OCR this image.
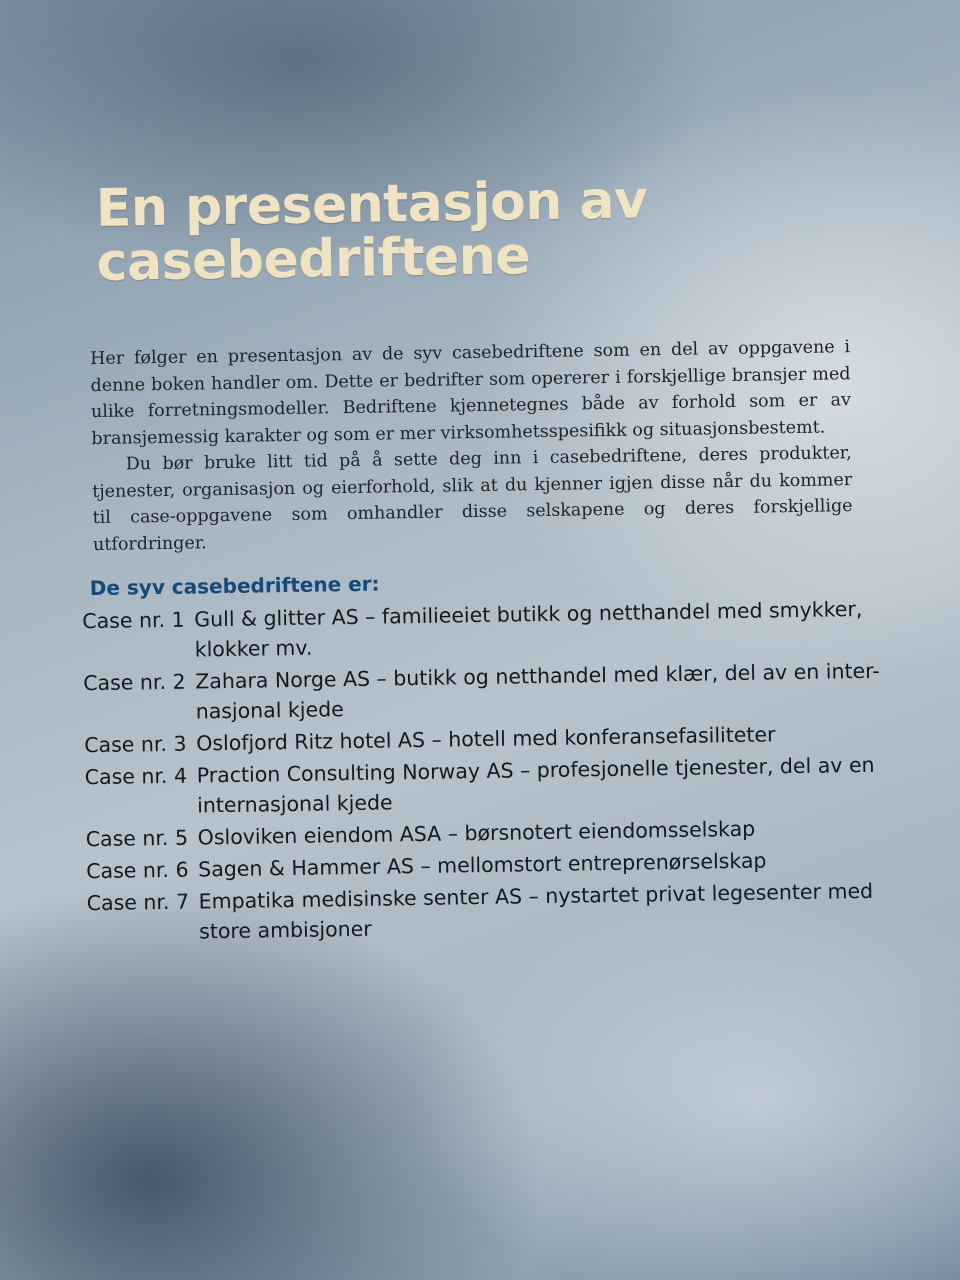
En presentasjon av casebedriftene

Her følger en presentasjon av de syv casebedriftene som en del av oppgavene i denne boken handler om. Dette er bedrifter som opererer i forskjellige bransjer med ulike forretningsmodeller. Bedriftene kjennetegnes både av forhold som er av bransjemessig karakter og som er mer virksomhetsspesifikk og situasjonsbestemt.

Du bør bruke litt tid på å sette deg inn i casebedriftene, deres produkter, tjenester, organisasjon og eierforhold, slik at du kjenner igjen disse når du kommer til case-oppgavene som omhandler disse selskapene og deres forskjellige utfordringer.

De syv casebedriftene er:
Case nr. 1 Gull & glitter AS – familieeiet butikk og netthandel med smykker, klokker mv.
Case nr. 2 Zahara Norge AS – butikk og netthandel med klær, del av en inter-nasjonal kjede
Case nr. 3 Oslofjord Ritz hotel AS – hotell med konferansefasiliteter
Case nr. 4 Praction Consulting Norway AS – profesjonelle tjenester, del av en internasjonal kjede
Case nr. 5 Osloviken eiendom ASA – børsnotert eiendomsselskap
Case nr. 6 Sagen & Hammer AS – mellomstort entreprenørselskap
Case nr. 7 Empatika medisinske senter AS – nystartet privat legesenter med store ambisjoner
